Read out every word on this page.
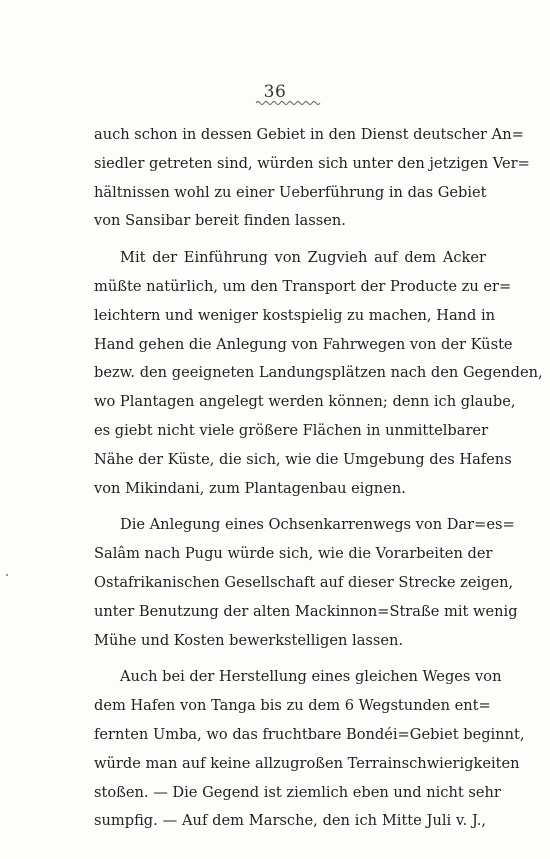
36
auch schon in dessen Gebiet in den Dienst deutscher An=
siedler getreten sind, würden sich unter den jetzigen Ver=
hältnissen wohl zu einer Ueberführung in das Gebiet
von Sansibar bereit finden lassen.
Mit der Einführung von Zugvieh auf dem Acker
müßte natürlich, um den Transport der Producte zu er=
leichtern und weniger kostspielig zu machen, Hand in
Hand gehen die Anlegung von Fahrwegen von der Küste
bezw. den geeigneten Landungsplätzen nach den Gegenden,
wo Plantagen angelegt werden können; denn ich glaube,
es giebt nicht viele größere Flächen in unmittelbarer
Nähe der Küste, die sich, wie die Umgebung des Hafens
von Mikindani, zum Plantagenbau eignen.
Die Anlegung eines Ochsenkarrenwegs von Dar=es=
Salâm nach Pugu würde sich, wie die Vorarbeiten der
Ostafrikanischen Gesellschaft auf dieser Strecke zeigen,
unter Benutzung der alten Mackinnon=Straße mit wenig
Mühe und Kosten bewerkstelligen lassen.
Auch bei der Herstellung eines gleichen Weges von
dem Hafen von Tanga bis zu dem 6 Wegstunden ent=
fernten Umba, wo das fruchtbare Bondéi=Gebiet beginnt,
würde man auf keine allzugroßen Terrainschwierigkeiten
stoßen. — Die Gegend ist ziemlich eben und nicht sehr
sumpfig. — Auf dem Marsche, den ich Mitte Juli v. J.,
